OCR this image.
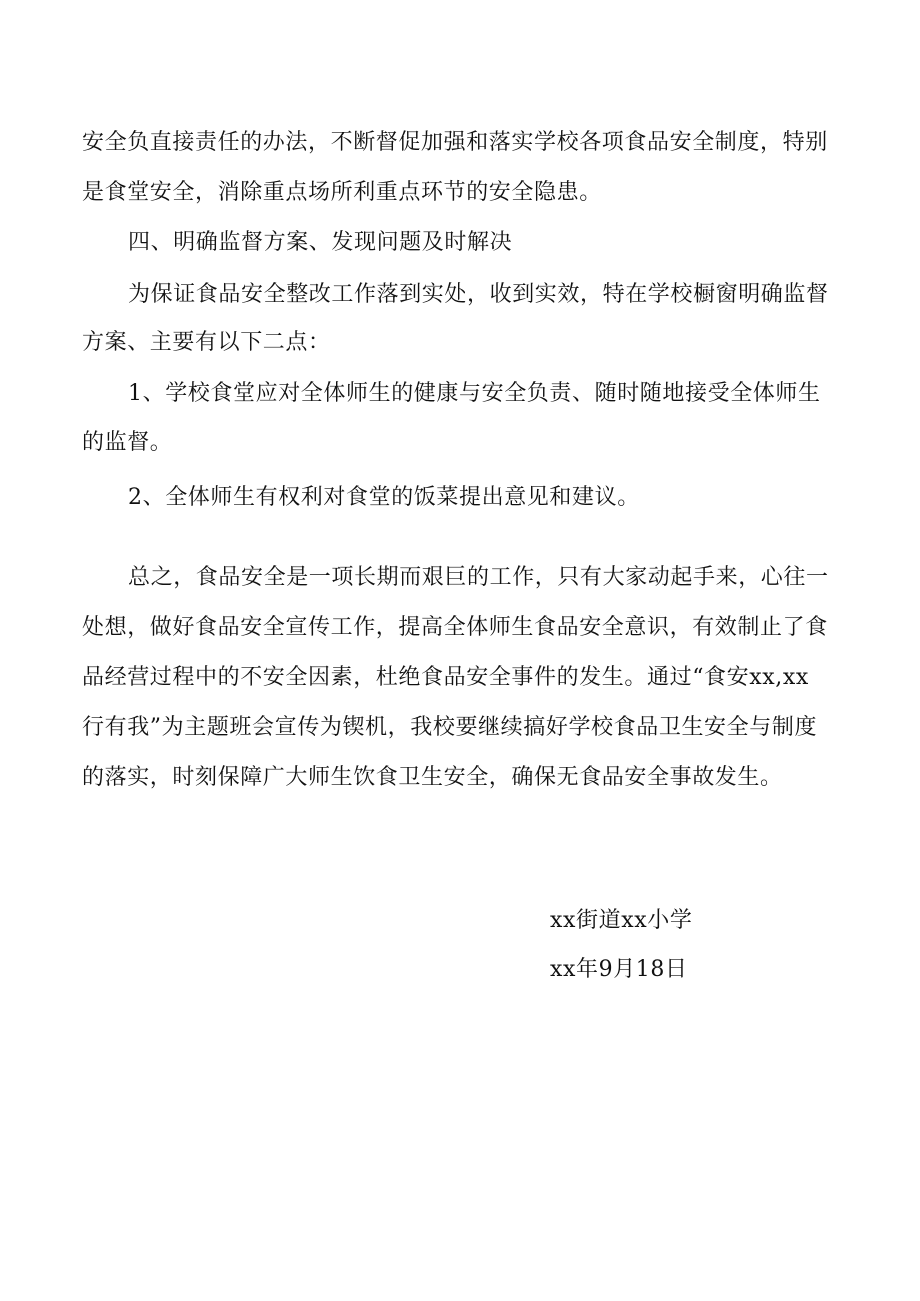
安全负直接责任的办法，不断督促加强和落实学校各项食品安全制度，特别
是食堂安全，消除重点场所利重点环节的安全隐患。
四、明确监督方案、发现问题及时解决
为保证食品安全整改工作落到实处，收到实效，特在学校橱窗明确监督
方案、主要有以下二点：
1、学校食堂应对全体师生的健康与安全负责、随时随地接受全体师生
的监督。
2、全体师生有权利对食堂的饭菜提出意见和建议。
总之，食品安全是一项长期而艰巨的工作，只有大家动起手来，心往一
处想，做好食品安全宣传工作，提高全体师生食品安全意识，有效制止了食
品经营过程中的不安全因素，杜绝食品安全事件的发生。通过“食安xx,xx
行有我”为主题班会宣传为锲机，我校要继续搞好学校食品卫生安全与制度
的落实，时刻保障广大师生饮食卫生安全，确保无食品安全事故发生。
xx街道xx小学
xx年9月18日
